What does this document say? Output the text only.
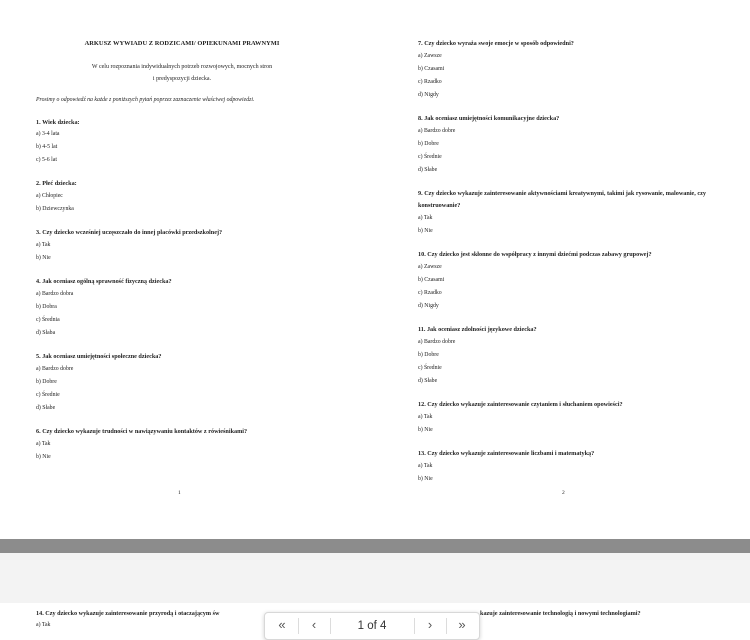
ARKUSZ WYWIADU Z RODZICAMI/ OPIEKUNAMI PRAWNYMI
W celu rozpoznania indywidualnych potrzeb rozwojowych, mocnych stron
i predyspozycji dziecka.
Prosimy o odpowiedź na każde z poniższych pytań poprzez zaznaczenie właściwej odpowiedzi.
1. Wiek dziecka:
a) 3-4 lata
b) 4-5 lat
c) 5-6 lat
2. Płeć dziecka:
a) Chłopiec
b) Dziewczynka
3. Czy dziecko wcześniej uczęszczało do innej placówki przedszkolnej?
a) Tak
b) Nie
4. Jak oceniasz ogólną sprawność fizyczną dziecka?
a) Bardzo dobra
b) Dobra
c) Średnia
d) Słaba
5. Jak oceniasz umiejętności społeczne dziecka?
a) Bardzo dobre
b) Dobre
c) Średnie
d) Słabe
6. Czy dziecko wykazuje trudności w nawiązywaniu kontaktów z rówieśnikami?
a) Tak
b) Nie
1
7. Czy dziecko wyraża swoje emocje w sposób odpowiedni?
a) Zawsze
b) Czasami
c) Rzadko
d) Nigdy
8. Jak oceniasz umiejętności komunikacyjne dziecka?
a) Bardzo dobre
b) Dobre
c) Średnie
d) Słabe
9. Czy dziecko wykazuje zainteresowanie aktywnościami kreatywnymi, takimi jak rysowanie, malowanie, czy konstruowanie?
a) Tak
b) Nie
10. Czy dziecko jest skłonne do współpracy z innymi dziećmi podczas zabawy grupowej?
a) Zawsze
b) Czasami
c) Rzadko
d) Nigdy
11. Jak oceniasz zdolności językowe dziecka?
a) Bardzo dobre
b) Dobre
c) Średnie
d) Słabe
12. Czy dziecko wykazuje zainteresowanie czytaniem i słuchaniem opowieści?
a) Tak
b) Nie
13. Czy dziecko wykazuje zainteresowanie liczbami i matematyką?
a) Tak
b) Nie
2
14. Czy dziecko wykazuje zainteresowanie przyrodą i otaczającym św
a) Tak
kazuje zainteresowanie technologią i nowymi technologiami?
«	‹	1 of 4	›	»
